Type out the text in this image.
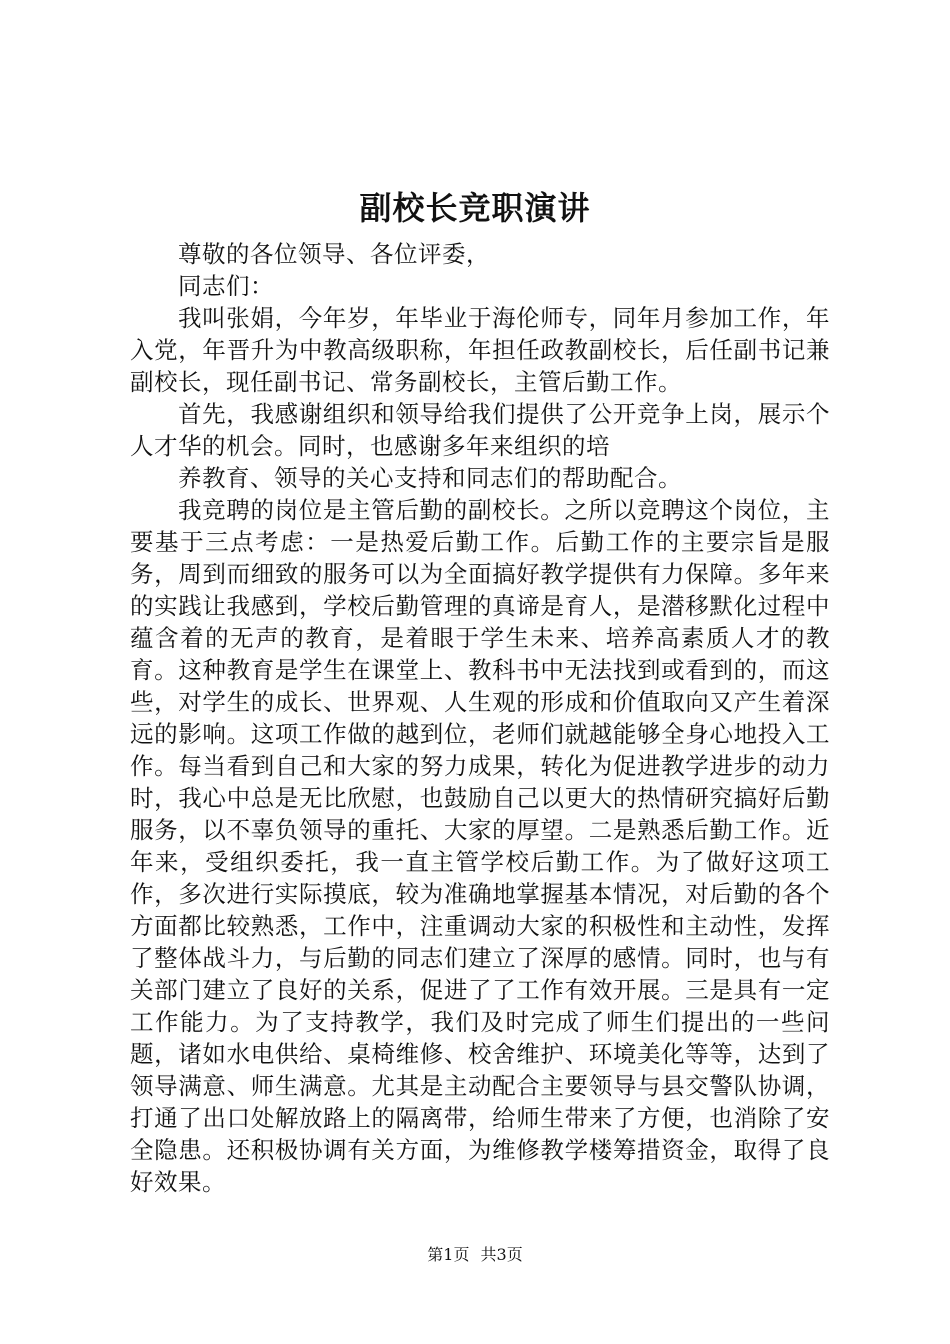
副校长竞职演讲

尊敬的各位领导、各位评委，

同志们：

我叫张娟，今年岁，年毕业于海伦师专，同年月参加工作，年入党，年晋升为中教高级职称，年担任政教副校长，后任副书记兼副校长，现任副书记、常务副校长，主管后勤工作。

首先，我感谢组织和领导给我们提供了公开竞争上岗，展示个人才华的机会。同时，也感谢多年来组织的培

养教育、领导的关心支持和同志们的帮助配合。

我竞聘的岗位是主管后勤的副校长。之所以竞聘这个岗位，主要基于三点考虑：一是热爱后勤工作。后勤工作的主要宗旨是服务，周到而细致的服务可以为全面搞好教学提供有力保障。多年来的实践让我感到，学校后勤管理的真谛是育人，是潜移默化过程中蕴含着的无声的教育，是着眼于学生未来、培养高素质人才的教育。这种教育是学生在课堂上、教科书中无法找到或看到的，而这些，对学生的成长、世界观、人生观的形成和价值取向又产生着深远的影响。这项工作做的越到位，老师们就越能够全身心地投入工作。每当看到自己和大家的努力成果，转化为促进教学进步的动力时，我心中总是无比欣慰，也鼓励自己以更大的热情研究搞好后勤服务，以不辜负领导的重托、大家的厚望。二是熟悉后勤工作。近年来，受组织委托，我一直主管学校后勤工作。为了做好这项工作，多次进行实际摸底，较为准确地掌握基本情况，对后勤的各个方面都比较熟悉，工作中，注重调动大家的积极性和主动性，发挥了整体战斗力，与后勤的同志们建立了深厚的感情。同时，也与有关部门建立了良好的关系，促进了了工作有效开展。三是具有一定工作能力。为了支持教学，我们及时完成了师生们提出的一些问题，诸如水电供给、桌椅维修、校舍维护、环境美化等等，达到了领导满意、师生满意。尤其是主动配合主要领导与县交警队协调，打通了出口处解放路上的隔离带，给师生带来了方便，也消除了安全隐患。还积极协调有关方面，为维修教学楼筹措资金，取得了良好效果。

第1页 共3页
